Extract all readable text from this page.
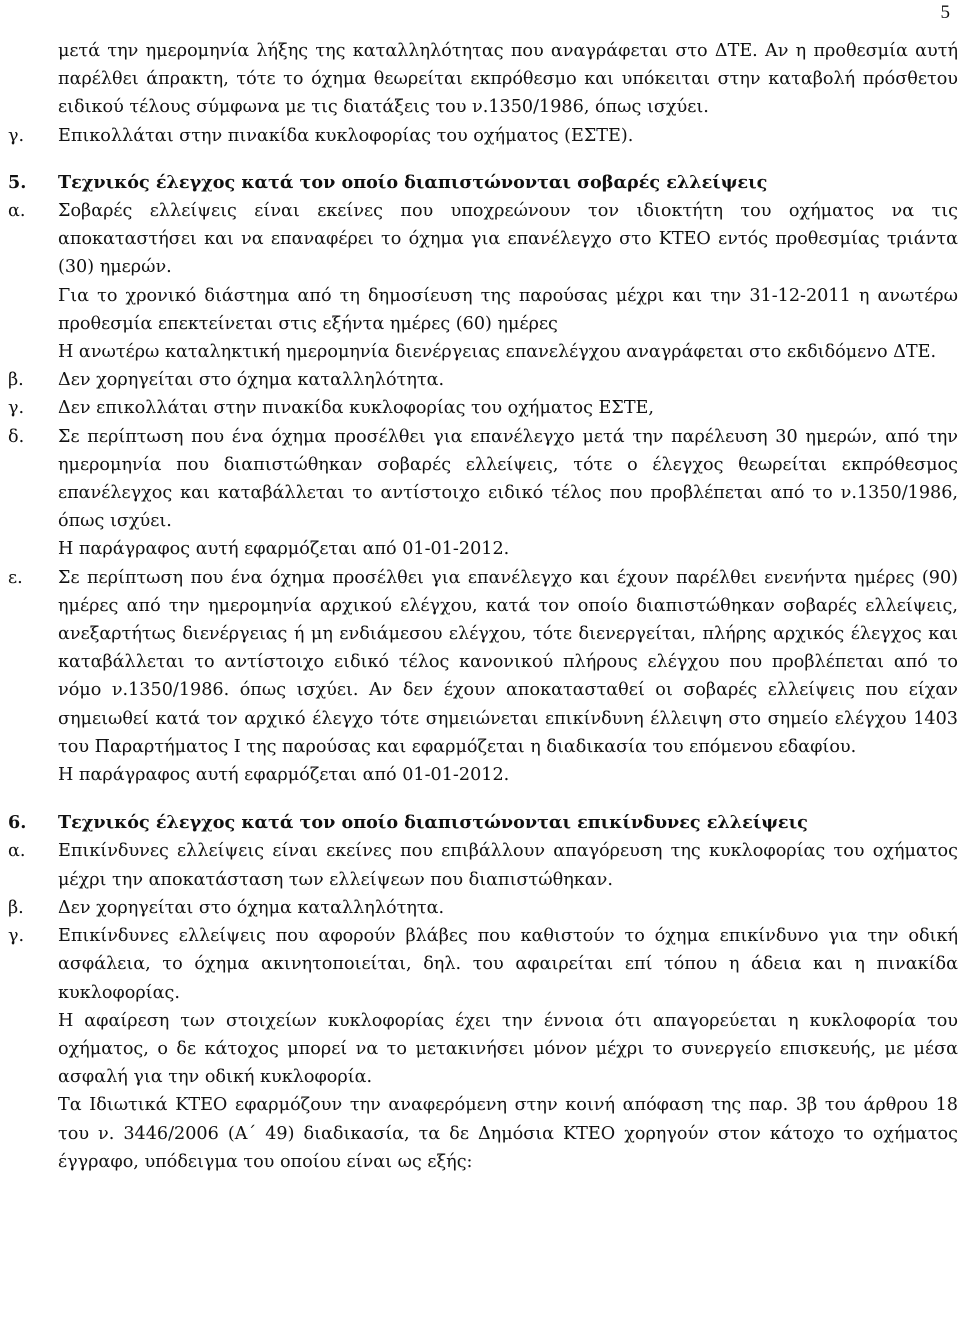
5

μετά την ημερομηνία λήξης της καταλληλότητας που αναγράφεται στο ΔΤΕ. Αν η προθεσμία αυτή παρέλθει άπρακτη, τότε το όχημα θεωρείται εκπρόθεσμο και υπόκειται στην καταβολή πρόσθετου ειδικού τέλους σύμφωνα με τις διατάξεις του ν.1350/1986, όπως ισχύει.

γ.	Επικολλάται στην πινακίδα κυκλοφορίας του οχήματος (ΕΣΤΕ).

5.	Τεχνικός έλεγχος κατά τον οποίο διαπιστώνονται σοβαρές ελλείψεις
α.	Σοβαρές ελλείψεις είναι εκείνες που υποχρεώνουν τον ιδιοκτήτη του οχήματος να τις αποκαταστήσει και να επαναφέρει το όχημα για επανέλεγχο στο ΚΤΕΟ εντός προθεσμίας τριάντα (30) ημερών.

Για το χρονικό διάστημα από τη δημοσίευση της παρούσας μέχρι και την 31-12-2011 η ανωτέρω προθεσμία επεκτείνεται στις εξήντα ημέρες (60) ημέρες

Η ανωτέρω καταληκτική ημερομηνία διενέργειας επανελέγχου αναγράφεται στο εκδιδόμενο ΔΤΕ.

β.	Δεν χορηγείται στο όχημα καταλληλότητα.

γ.	Δεν επικολλάται στην πινακίδα κυκλοφορίας του οχήματος ΕΣΤΕ,

δ.	Σε περίπτωση που ένα όχημα προσέλθει για επανέλεγχο μετά την παρέλευση 30 ημερών, από την ημερομηνία που διαπιστώθηκαν σοβαρές ελλείψεις, τότε ο έλεγχος θεωρείται εκπρόθεσμος επανέλεγχος και καταβάλλεται το αντίστοιχο ειδικό τέλος που προβλέπεται από το ν.1350/1986, όπως ισχύει.

Η παράγραφος αυτή εφαρμόζεται από 01-01-2012.

ε.	Σε περίπτωση που ένα όχημα προσέλθει για επανέλεγχο και έχουν παρέλθει ενενήντα ημέρες (90) ημέρες από την ημερομηνία αρχικού ελέγχου, κατά τον οποίο διαπιστώθηκαν σοβαρές ελλείψεις, ανεξαρτήτως διενέργειας ή μη ενδιάμεσου ελέγχου, τότε διενεργείται, πλήρης αρχικός έλεγχος και καταβάλλεται το αντίστοιχο ειδικό τέλος κανονικού πλήρους ελέγχου που προβλέπεται από το νόμο ν.1350/1986. όπως ισχύει. Αν δεν έχουν αποκατασταθεί οι σοβαρές ελλείψεις που είχαν σημειωθεί κατά τον αρχικό έλεγχο τότε σημειώνεται επικίνδυνη έλλειψη στο σημείο ελέγχου 1403 του Παραρτήματος Ι της παρούσας και εφαρμόζεται η διαδικασία του επόμενου εδαφίου.

Η παράγραφος αυτή εφαρμόζεται από 01-01-2012.

6.	Τεχνικός έλεγχος κατά τον οποίο διαπιστώνονται επικίνδυνες ελλείψεις
α.	Επικίνδυνες ελλείψεις είναι εκείνες που επιβάλλουν απαγόρευση της κυκλοφορίας του οχήματος μέχρι την αποκατάσταση των ελλείψεων που διαπιστώθηκαν.

β.	Δεν χορηγείται στο όχημα καταλληλότητα.

γ.	Επικίνδυνες ελλείψεις που αφορούν βλάβες που καθιστούν το όχημα επικίνδυνο για την οδική ασφάλεια, το όχημα ακινητοποιείται, δηλ. του αφαιρείται επί τόπου η άδεια και η πινακίδα κυκλοφορίας.

Η αφαίρεση των στοιχείων κυκλοφορίας έχει την έννοια ότι απαγορεύεται η κυκλοφορία του οχήματος, ο δε κάτοχος μπορεί να το μετακινήσει μόνον μέχρι το συνεργείο επισκευής, με μέσα ασφαλή για την οδική κυκλοφορία.

Τα Ιδιωτικά ΚΤΕΟ εφαρμόζουν την αναφερόμενη στην κοινή απόφαση της παρ. 3β του άρθρου 18 του ν. 3446/2006 (Α΄ 49) διαδικασία, τα δε Δημόσια ΚΤΕΟ χορηγούν στον κάτοχο το οχήματος έγγραφο, υπόδειγμα του οποίου είναι ως εξής:
